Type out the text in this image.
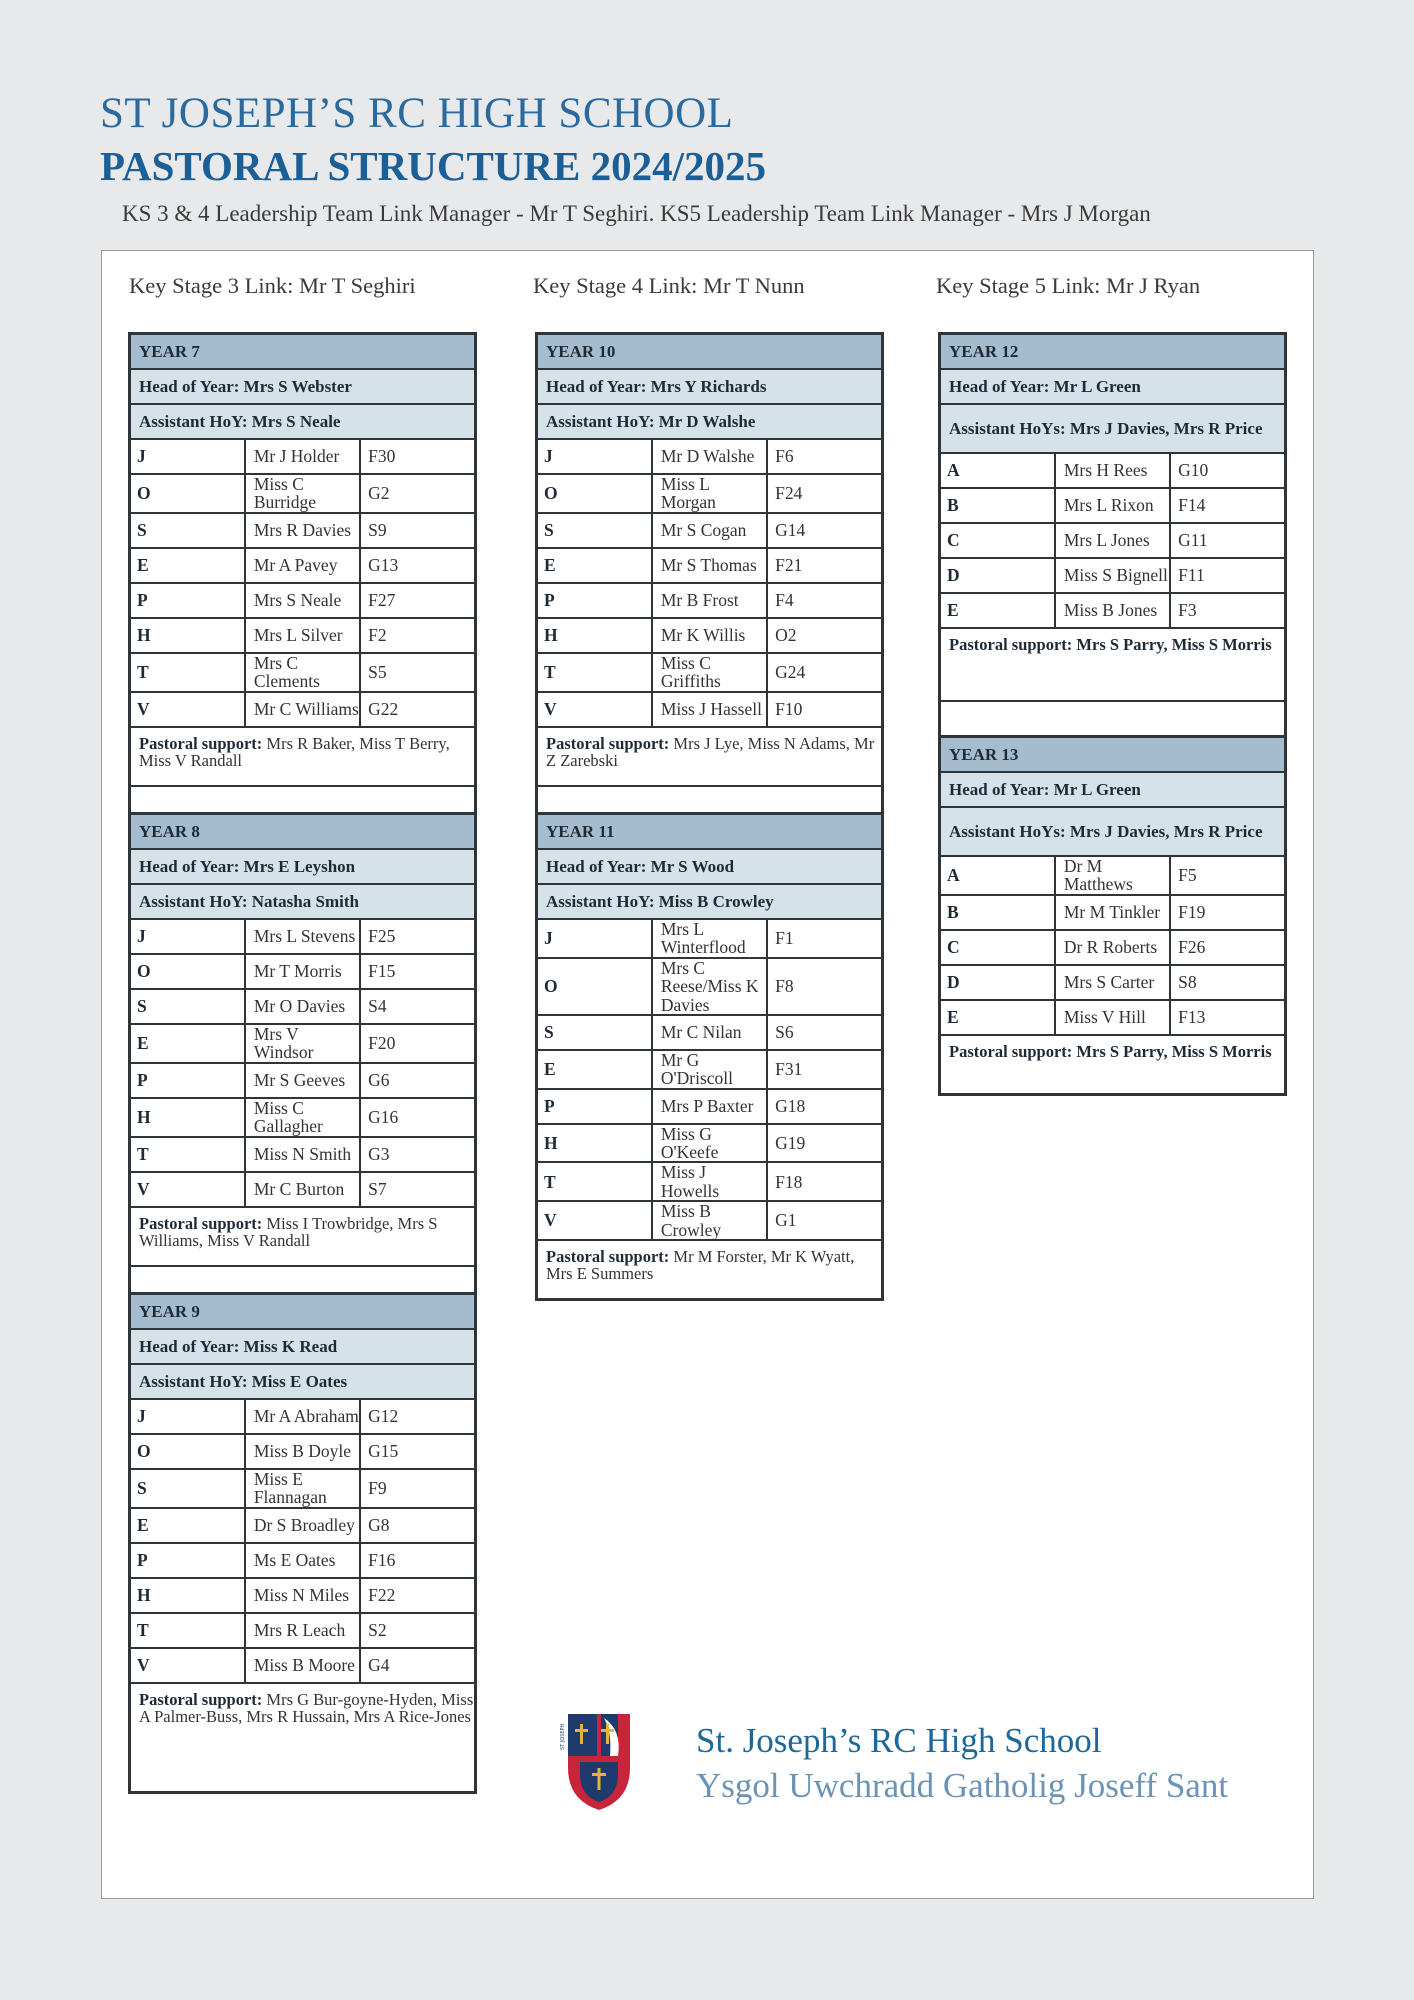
ST JOSEPH’S RC HIGH SCHOOL
PASTORAL STRUCTURE 2024/2025
KS 3 & 4 Leadership Team Link Manager - Mr T Seghiri. KS5 Leadership Team Link Manager - Mrs J Morgan
Key Stage 3 Link: Mr T Seghiri	Key Stage 4 Link: Mr T Nunn	Key Stage 5 Link: Mr J Ryan
YEAR 7		
Head of Year: Mrs S Webster		
Assistant HoY: Mrs S Neale		
J	Mr J Holder	F30
O	Miss C Burridge	G2
S	Mrs R Davies	S9
E	Mr A Pavey	G13
P	Mrs S Neale	F27
H	Mrs L Silver	F2
T	Mrs C Clements	S5
V	Mr C Williams	G22
Pastoral support: Mrs R Baker, Miss T Berry, Miss V Randall		

YEAR 8		
Head of Year: Mrs E Leyshon		
Assistant HoY: Natasha Smith		
J	Mrs L Stevens	F25
O	Mr T Morris	F15
S	Mr O Davies	S4
E	Mrs V Windsor	F20
P	Mr S Geeves	G6
H	Miss C Gallagher	G16
T	Miss N Smith	G3
V	Mr C Burton	S7
Pastoral support: Miss I Trowbridge, Mrs S Williams, Miss V Randall		

YEAR 9		
Head of Year: Miss K Read		
Assistant HoY: Miss E Oates		
J	Mr A Abraham	G12
O	Miss B Doyle	G15
S	Miss E Flannagan	F9
E	Dr S Broadley	G8
P	Ms E Oates	F16
H	Miss N Miles	F22
T	Mrs R Leach	S2
V	Miss B Moore	G4
Pastoral support: Mrs G Bur-goyne-Hyden, Miss A Palmer-Buss, Mrs R Hussain, Mrs A Rice-Jones		
YEAR 10		
Head of Year: Mrs Y Richards		
Assistant HoY: Mr D Walshe		
J	Mr D Walshe	F6
O	Miss L Morgan	F24
S	Mr S Cogan	G14
E	Mr S Thomas	F21
P	Mr B Frost	F4
H	Mr K Willis	O2
T	Miss C Griffiths	G24
V	Miss J Hassell	F10
Pastoral support: Mrs J Lye, Miss N Adams, Mr Z Zarebski		

YEAR 11		
Head of Year: Mr S Wood		
Assistant HoY: Miss B Crowley		
J	Mrs L Winterflood	F1
O	Mrs C Reese/Miss K Davies	F8
S	Mr C Nilan	S6
E	Mr G O'Driscoll	F31
P	Mrs P Baxter	G18
H	Miss G O'Keefe	G19
T	Miss J Howells	F18
V	Miss B Crowley	G1
Pastoral support: Mr M Forster, Mr K Wyatt, Mrs E Summers		
YEAR 12		
Head of Year: Mr L Green		
Assistant HoYs: Mrs J Davies, Mrs R Price		
A	Mrs H Rees	G10
B	Mrs L Rixon	F14
C	Mrs L Jones	G11
D	Miss S Bignell	F11
E	Miss B Jones	F3
Pastoral support: Mrs S Parry, Miss S Morris		

YEAR 13		
Head of Year: Mr L Green		
Assistant HoYs: Mrs J Davies, Mrs R Price		
A	Dr M Matthews	F5
B	Mr M Tinkler	F19
C	Dr R Roberts	F26
D	Mrs S Carter	S8
E	Miss V Hill	F13
Pastoral support: Mrs S Parry, Miss S Morris		
ST JOSEPH	St. Joseph’s RC High School
Ysgol Uwchradd Gatholig Joseff Sant
